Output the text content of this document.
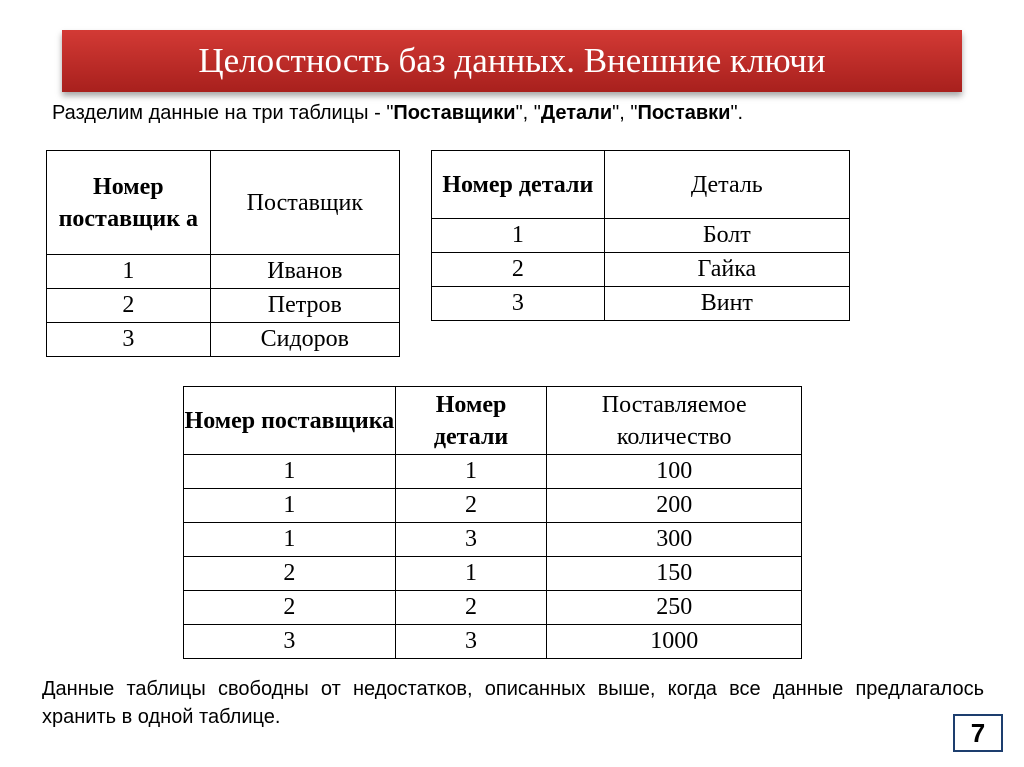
Целостность баз данных. Внешние ключи
Разделим данные на три таблицы - "Поставщики", "Детали", "Поставки".
Номер поставщик а	Поставщик
1	Иванов
2	Петров
3	Сидоров
Номер детали	Деталь
1	Болт
2	Гайка
3	Винт
Номер поставщика	Номер детали	Поставляемое количество
1	1	100
1	2	200
1	3	300
2	1	150
2	2	250
3	3	1000
Данные таблицы свободны от недостатков, описанных выше, когда все данные предлагалось хранить в одной таблице.
7
